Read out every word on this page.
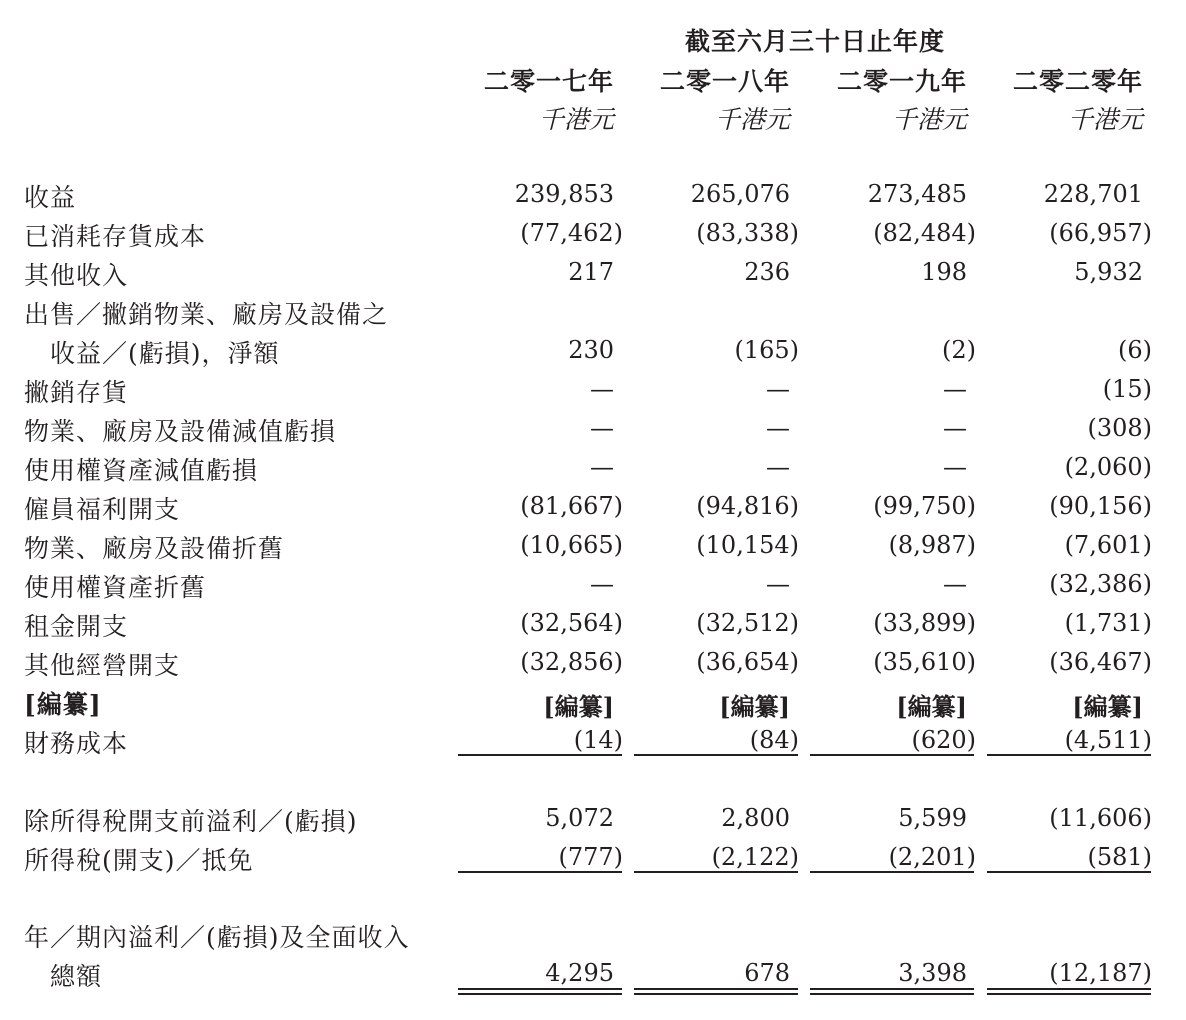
截至六月三十日止年度
二零一七年	二零一八年	二零一九年	二零二零年
千港元	千港元	千港元	千港元
收益	239,853	265,076	273,485	228,701
已消耗存貨成本	(77,462)	(83,338)	(82,484)	(66,957)
其他收入	217	236	198	5,932
出售／撇銷物業、廠房及設備之
收益／(虧損)，淨額	230	(165)	(2)	(6)
撇銷存貨	—	—	—	(15)
物業、廠房及設備減值虧損	—	—	—	(308)
使用權資產減值虧損	—	—	—	(2,060)
僱員福利開支	(81,667)	(94,816)	(99,750)	(90,156)
物業、廠房及設備折舊	(10,665)	(10,154)	(8,987)	(7,601)
使用權資產折舊	—	—	—	(32,386)
租金開支	(32,564)	(32,512)	(33,899)	(1,731)
其他經營開支	(32,856)	(36,654)	(35,610)	(36,467)
[編纂]	[編纂]	[編纂]	[編纂]	[編纂]
財務成本	(14)	(84)	(620)	(4,511)
除所得稅開支前溢利／(虧損)	5,072	2,800	5,599	(11,606)
所得稅(開支)／抵免	(777)	(2,122)	(2,201)	(581)
年／期內溢利／(虧損)及全面收入
總額	4,295	678	3,398	(12,187)
